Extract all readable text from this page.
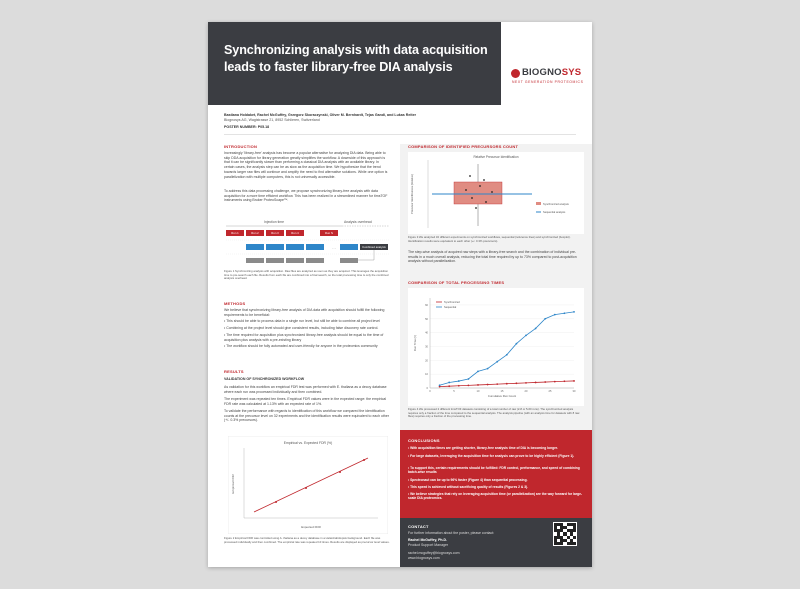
Synchronizing analysis with data acquisition leads to faster library-free DIA analysis	BIOGNOSYS
NEXT GENERATION PROTEOMICS
Bastiana Holdaket, Rachel McGuffey, Grzegorz Skoraczynski, Oliver M. Bernhardt, Tejas Gandi, and Lukas Reiter
Biognosys AG, Wagistrasse 21, 8952 Schlieren, Switzerland
POSTER NUMBER: P05.18
INTRODUCTION
Increasingly 'library-free' analysis has become a popular alternative for analyzing DIA data. Being able to skip DDA acquisition for library generation greatly simplifies the workflow. A downside of this approach is that it can be significantly slower than performing a classical DIA analysis with an available library. In certain cases, the analysis step can be as slow as the acquisition time. We hypothesize that the trend towards larger raw files will continue and amplify the need to find alternative solutions. While one option is parallelization with multiple computers, this is not universally accessible.
To address this data processing challenge, we propose synchronizing library-free analysis with data acquisition for a more time efficient workflow. This has been realized in a streamlined manner for timsTOF instruments using Bruker ProteoScape™.
Injection time	Analysis overhead
Run 1	Run 2	Run 3	Run 4	Run N
Combined analysis
…
Figure 1 Synchronizing analysis with acquisition. Raw files are analyzed as soon as they are acquired. This leverages the acquisition time to pre-search each file. Results from each file are combined into a final search, so the total processing time is only the combined analysis overhead.
METHODS
We believe that synchronizing library-free analysis of DIA data with acquisition should fulfill the following requirements to be beneficial:
• This should be able to process data in a single run level, but still be able to combine all project level
• Combining at the project level should give consistent results, including false discovery rate control.
• The time required for acquisition plus synchronized library-free analysis should be equal to the time of acquisition plus analysis with a pre-existing library
• The workflow should be fully automated and user-friendly for anyone in the proteomics community
RESULTS
VALIDATION OF SYNCHRONIZED WORKFLOW
As validation for this workflow an empirical FDR test was performed with E. thaliana as a decoy database where each run was processed individually and then combined.
The experiment was repeated ten times. Empirical FDR values were in the expected range: the empirical FDR rate was calculated at 1.13% with an expected rate of 1%.
To validate the performance with regards to identification of this workflow we compared the identification counts at the precursor level on 32 experiments and the identification results were equivalent to each other (+/- 0.3% precursors).
Empirical vs. Expected FDR (%)
Expected FDR
Empirical FDR
Figure 2 Empirical FDR was controlled using A. thaliana as a decoy database in a Hela/Arabidopsis background. Each file was processed individually and then combined. The empirical rate was repeated 10 times. Results are displayed as precursor level values.
COMPARISON OF IDENTIFIED PRECURSORS COUNT
Relative Precursor Identification
Precursor Identifications (Relative)	Synchronized analysis
Sequential analysis
Figure 3 We analyzed 32 different experiments on synchronized workflows, sequential (reference lines) and synchronized (boxplot). Identification results were equivalent to each other (+/- 0.3% precursors).
The step-wise analysis of acquired raw steps with a library-free search and the combination of individual pre-results in a much overall analysis, reducing the total time required by up to 73% compared to post-acquisition analysis without parallelization.
COMPARISON OF TOTAL PROCESSING TIMES
0
10
20
30
40
50
60
0	5	10	15	20	25	30
Cumulative Run Count
Run Time (h)
Synchronized
Sequential
Figure 4 We processed 2 different timsTOF datasets consisting of a total number of raw (2-8 or 5-60 runs). The synchronized analysis requires only a fraction of the time compared to the sequential analysis. The analysis pipeline (with an analysis time for datasets with 8 raw files) requires only a fraction of the processing time.
CONCLUSIONS
• With acquisition times are getting shorter, library-free analysis time of DIA is becoming longer.
• For large datasets, leveraging the acquisition time for analysis can prove to be highly efficient (Figure 1).
• To support this, certain requirements should be fulfilled: FDR control, performance, and speed of combining batch-wise results
• Spectronaut can be up to 96% faster (Figure 4) than sequential processing.
• This speed is achieved without sacrificing quality of results (Figures 2 & 3).
• We believe strategies that rely on leveraging acquisition time (or parallelization) are the way forward for large-scale DIA proteomics.
CONTACT
For further information about the poster, please contact:
Rachel McGuffey, Ph.D.
Product Support Manager
rachel.mcguffey@biognosys.com
www.biognosys.com
